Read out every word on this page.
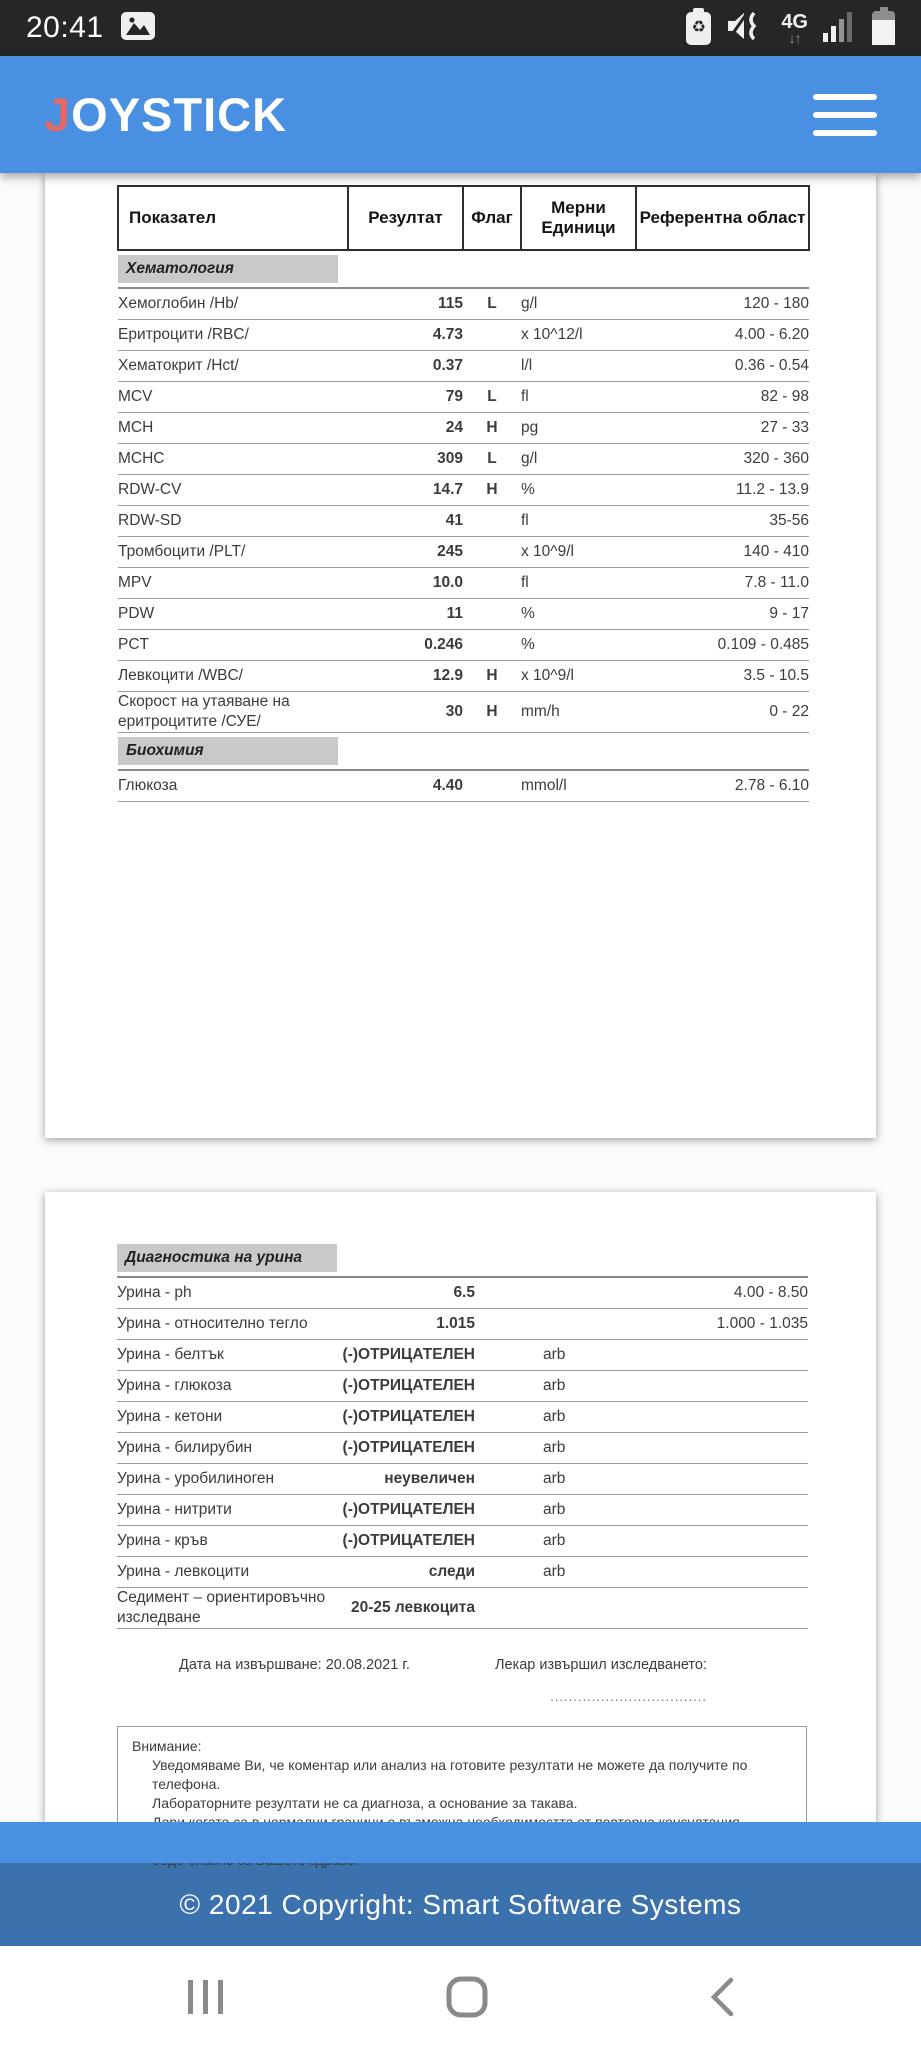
20:41	♻	4G
↓↑
JOYSTICK
Показател	Резултат	Флаг	Мерни Единици	Референтна област

Хематология				

Хемоглобин /Hb/	115	L	g/l	120 - 180
Еритроцити /RBC/	4.73		x 10^12/l	4.00 - 6.20
Хематокрит /Hct/	0.37		l/l	0.36 - 0.54
MCV	79	L	fl	82 - 98
MCH	24	H	pg	27 - 33
MCHC	309	L	g/l	320 - 360
RDW-CV	14.7	H	%	11.2 - 13.9
RDW-SD	41		fl	35-56
Тромбоцити /PLT/	245		x 10^9/l	140 - 410
MPV	10.0		fl	7.8 - 11.0
PDW	11		%	9 - 17
PCT	0.246		%	0.109 - 0.485
Левкоцити /WBC/	12.9	H	x 10^9/l	3.5 - 10.5
Скорост на утаяване на еритроцитите /СУЕ/	30	H	mm/h	0 - 22

Биохимия				

Глюкоза	4.40		mmol/l	2.78 - 6.10
Диагностика на урина			

Урина - ph	6.5		4.00 - 8.50
Урина - относително тегло	1.015		1.000 - 1.035
Урина - белтък	(-)ОТРИЦАТЕЛЕН	arb	
Урина - глюкоза	(-)ОТРИЦАТЕЛЕН	arb	
Урина - кетони	(-)ОТРИЦАТЕЛЕН	arb	
Урина - билирубин	(-)ОТРИЦАТЕЛЕН	arb	
Урина - уробилиноген	неувеличен	arb	
Урина - нитрити	(-)ОТРИЦАТЕЛЕН	arb	
Урина - кръв	(-)ОТРИЦАТЕЛЕН	arb	
Урина - левкоцити	следи	arb	
Седимент – ориентировъчно изследване	20-25 левкоцита		
Дата на извършване: 20.08.2021 г.	Лекар извършил изследването:
..................................
Внимание:
Уведомяваме Ви, че коментар или анализ на готовите резултати не можете да получите по телефона.
Лабораторните резултати не са диагноза, а основание за такава.
© 2021 Copyright: Smart Software Systems
